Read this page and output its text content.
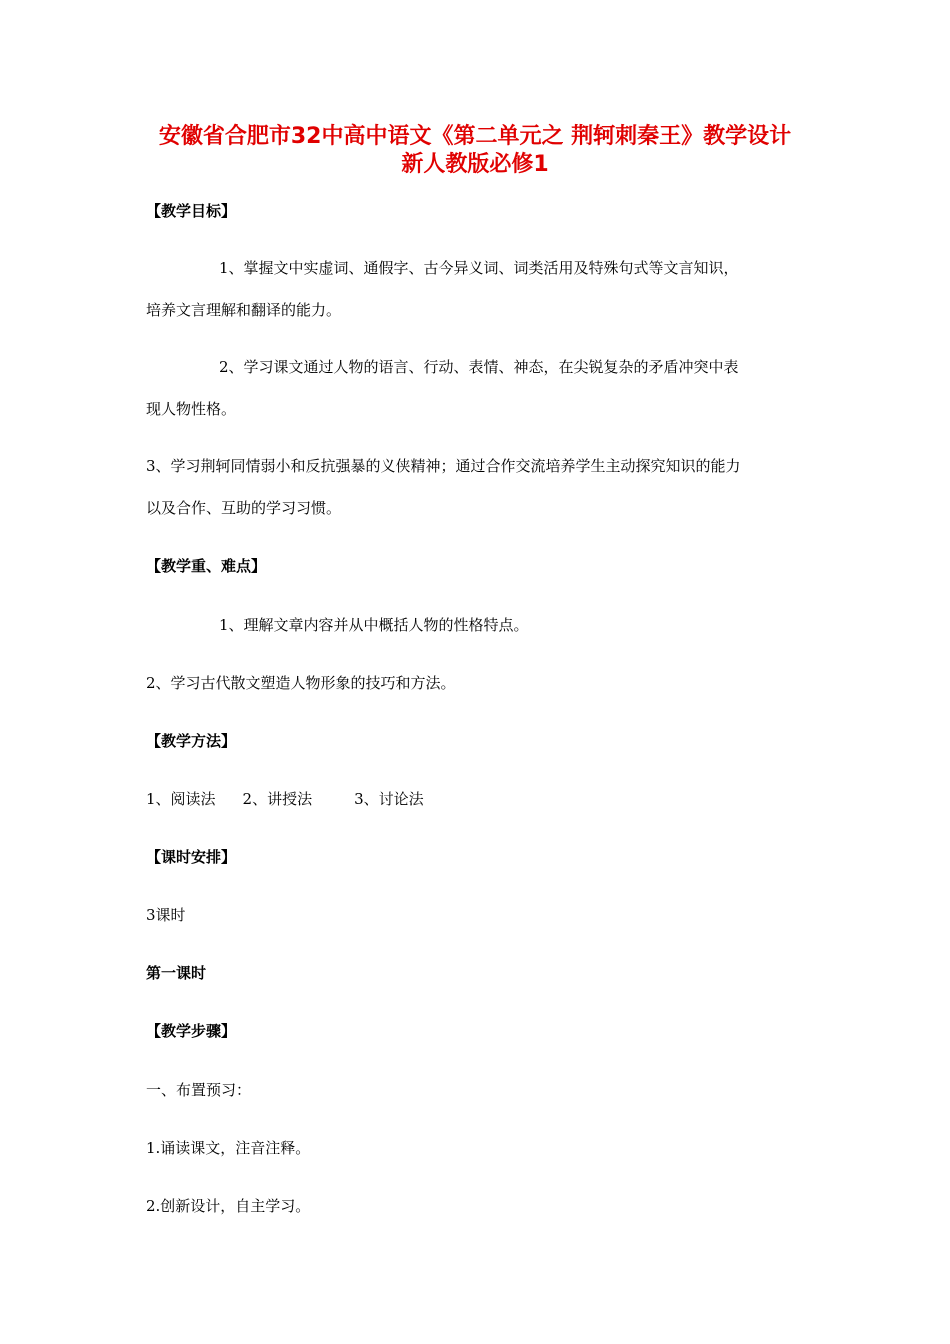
安徽省合肥市32中高中语文《第二单元之 荆轲刺秦王》教学设计
新人教版必修1
【教学目标】
1、掌握文中实虚词、通假字、古今异义词、词类活用及特殊句式等文言知识，
培养文言理解和翻译的能力。
2、学习课文通过人物的语言、行动、表情、神态，在尖锐复杂的矛盾冲突中表
现人物性格。
3、学习荆轲同情弱小和反抗强暴的义侠精神；通过合作交流培养学生主动探究知识的能力
以及合作、互助的学习习惯。
【教学重、难点】
1、理解文章内容并从中概括人物的性格特点。
2、学习古代散文塑造人物形象的技巧和方法。
【教学方法】
1、阅读法 2、讲授法	3、讨论法
【课时安排】
3课时
第一课时
【教学步骤】
一、布置预习：
1.诵读课文，注音注释。
2.创新设计，自主学习。
